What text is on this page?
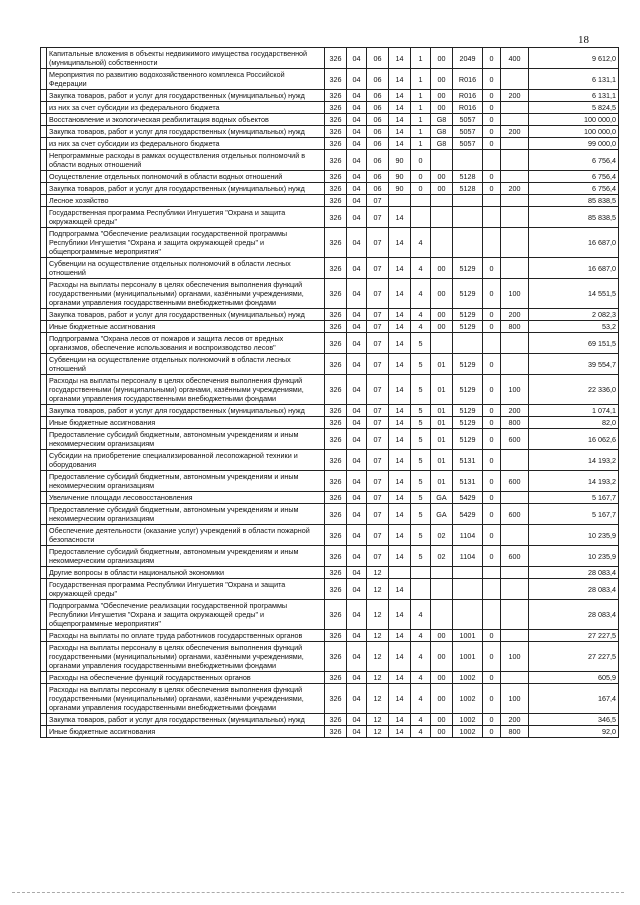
18
	Капитальные вложения в объекты недвижимого имущества государственной (муниципальной) собственности	326	04	06	14	1	00	2049	0	400	9 612,0
	Мероприятия по развитию водохозяйственного комплекса Российской Федерации	326	04	06	14	1	00	R016	0		6 131,1
	Закупка товаров, работ и услуг для государственных (муниципальных) нужд	326	04	06	14	1	00	R016	0	200	6 131,1
	из них за счет субсидии из федерального бюджета	326	04	06	14	1	00	R016	0		5 824,5
	Восстановление и экологическая реабилитация водных объектов	326	04	06	14	1	G8	5057	0		100 000,0
	Закупка товаров, работ и услуг для государственных (муниципальных) нужд	326	04	06	14	1	G8	5057	0	200	100 000,0
	из них за счет субсидии из федерального бюджета	326	04	06	14	1	G8	5057	0		99 000,0
	Непрограммные расходы в рамках осуществления отдельных полномочий в области водных отношений	326	04	06	90	0					6 756,4
	Осуществление отдельных полномочий в области водных отношений	326	04	06	90	0	00	5128	0		6 756,4
	Закупка товаров, работ и услуг для государственных (муниципальных) нужд	326	04	06	90	0	00	5128	0	200	6 756,4
	Лесное хозяйство	326	04	07							85 838,5
	Государственная программа Республики Ингушетия "Охрана и защита окружающей среды"	326	04	07	14						85 838,5
	Подпрограмма "Обеспечение реализации государственной программы Республики Ингушетия "Охрана и защита окружающей среды" и общепрограммные мероприятия"	326	04	07	14	4					16 687,0
	Субвенции на осуществление отдельных полномочий в области лесных отношений	326	04	07	14	4	00	5129	0		16 687,0
	Расходы на выплаты персоналу в целях обеспечения выполнения функций государственными (муниципальными) органами, казёнными учреждениями, органами управления государственными внебюджетными фондами	326	04	07	14	4	00	5129	0	100	14 551,5
	Закупка товаров, работ и услуг для государственных (муниципальных) нужд	326	04	07	14	4	00	5129	0	200	2 082,3
	Иные бюджетные ассигнования	326	04	07	14	4	00	5129	0	800	53,2
	Подпрограмма "Охрана лесов от пожаров и защита лесов от вредных организмов, обеспечение использования и воспроизводство лесов"	326	04	07	14	5					69 151,5
	Субвенции на осуществление отдельных полномочий в области лесных отношений	326	04	07	14	5	01	5129	0		39 554,7
	Расходы на выплаты персоналу в целях обеспечения выполнения функций государственными (муниципальными) органами, казёнными учреждениями, органами управления государственными внебюджетными фондами	326	04	07	14	5	01	5129	0	100	22 336,0
	Закупка товаров, работ и услуг для государственных (муниципальных) нужд	326	04	07	14	5	01	5129	0	200	1 074,1
	Иные бюджетные ассигнования	326	04	07	14	5	01	5129	0	800	82,0
	Предоставление субсидий бюджетным, автономным учреждениям и иным некоммерческим организациям	326	04	07	14	5	01	5129	0	600	16 062,6
	Субсидии на приобретение специализированной лесопожарной техники и оборудования	326	04	07	14	5	01	5131	0		14 193,2
	Предоставление субсидий бюджетным, автономным учреждениям и иным некоммерческим организациям	326	04	07	14	5	01	5131	0	600	14 193,2
	Увеличение площади лесовосстановления	326	04	07	14	5	GA	5429	0		5 167,7
	Предоставление субсидий бюджетным, автономным учреждениям и иным некоммерческим организациям	326	04	07	14	5	GA	5429	0	600	5 167,7
	Обеспечение деятельности (оказание услуг) учреждений в области пожарной безопасности	326	04	07	14	5	02	1104	0		10 235,9
	Предоставление субсидий бюджетным, автономным учреждениям и иным некоммерческим организациям	326	04	07	14	5	02	1104	0	600	10 235,9
	Другие вопросы в области национальной экономики	326	04	12							28 083,4
	Государственная программа Республики Ингушетия "Охрана и защита окружающей среды"	326	04	12	14						28 083,4
	Подпрограмма "Обеспечение реализации государственной программы Республики Ингушетия "Охрана и защита окружающей среды" и общепрограммные мероприятия"	326	04	12	14	4					28 083,4
	Расходы на выплаты по оплате труда работников государственных органов	326	04	12	14	4	00	1001	0		27 227,5
	Расходы на выплаты персоналу в целях обеспечения выполнения функций государственными (муниципальными) органами, казёнными учреждениями, органами управления государственными внебюджетными фондами	326	04	12	14	4	00	1001	0	100	27 227,5
	Расходы на обеспечение функций государственных органов	326	04	12	14	4	00	1002	0		605,9
	Расходы на выплаты персоналу в целях обеспечения выполнения функций государственными (муниципальными) органами, казёнными учреждениями, органами управления государственными внебюджетными фондами	326	04	12	14	4	00	1002	0	100	167,4
	Закупка товаров, работ и услуг для государственных (муниципальных) нужд	326	04	12	14	4	00	1002	0	200	346,5
	Иные бюджетные ассигнования	326	04	12	14	4	00	1002	0	800	92,0
